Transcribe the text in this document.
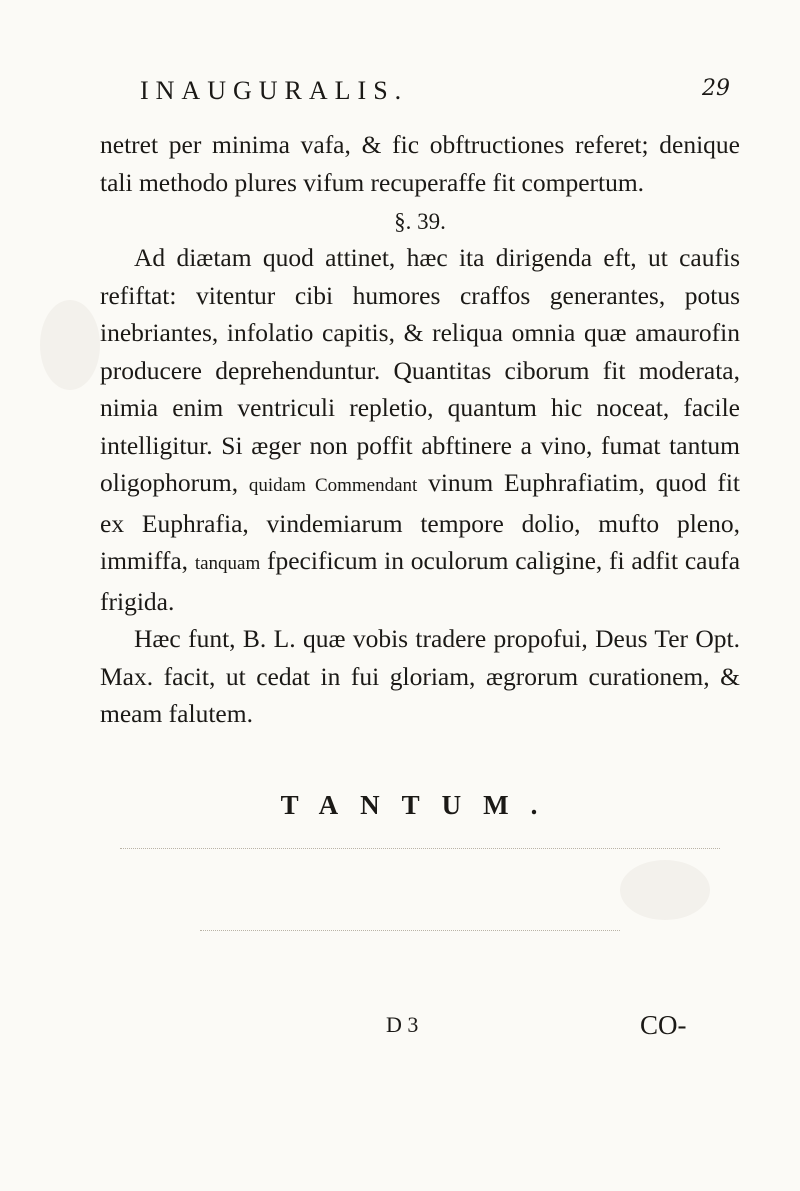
INAUGURALIS.	29

netret per minima vafa, & fic obftructiones referet; denique tali methodo plures vifum recuperaffe fit compertum.

§. 39.

Ad diætam quod attinet, hæc ita dirigenda eft, ut caufis refiftat: vitentur cibi humores craffos generantes, potus inebriantes, infolatio capitis, & reliqua omnia quæ amaurofin producere deprehenduntur. Quantitas ciborum fit moderata, nimia enim ventriculi repletio, quantum hic noceat, facile intelligitur. Si æger non poffit abftinere a vino, fumat tantum oligophorum, quidam Commendant vinum Euphrafiatim, quod fit ex Euphrafia, vindemiarum tempore dolio, mufto pleno, immiffa, tanquam fpecificum in oculorum caligine, fi adfit caufa frigida.

Hæc funt, B. L. quæ vobis tradere propofui, Deus Ter Opt. Max. facit, ut cedat in fui gloriam, ægrorum curationem, & meam falutem.

TANTUM.
D 3	CO-
